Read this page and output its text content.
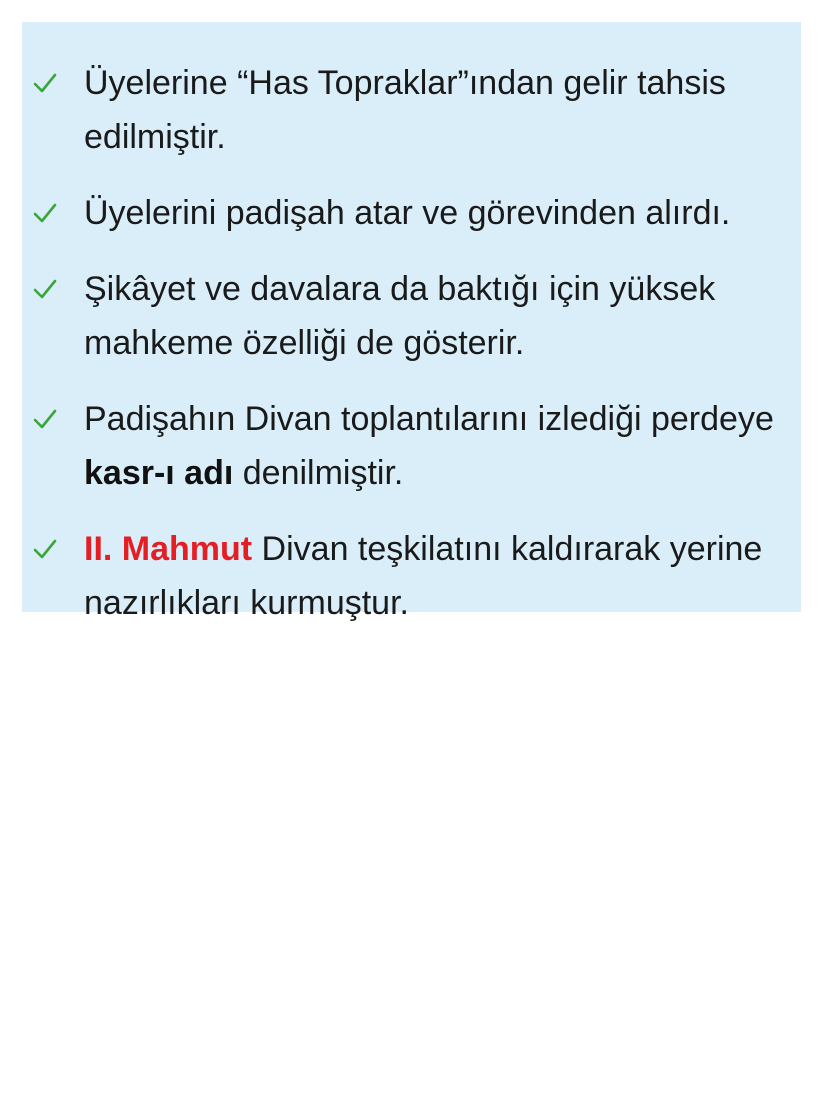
Üyelerine “Has Topraklar”ından gelir tahsis edilmiştir.
Üyelerini padişah atar ve görevinden alırdı.
Şikâyet ve davalara da baktığı için yüksek mahkeme özelliği de gösterir.
Padişahın Divan toplantılarını izlediği perdeye kasr-ı adı denilmiştir.
II. Mahmut Divan teşkilatını kaldırarak yerine nazırlıkları kurmuştur.
